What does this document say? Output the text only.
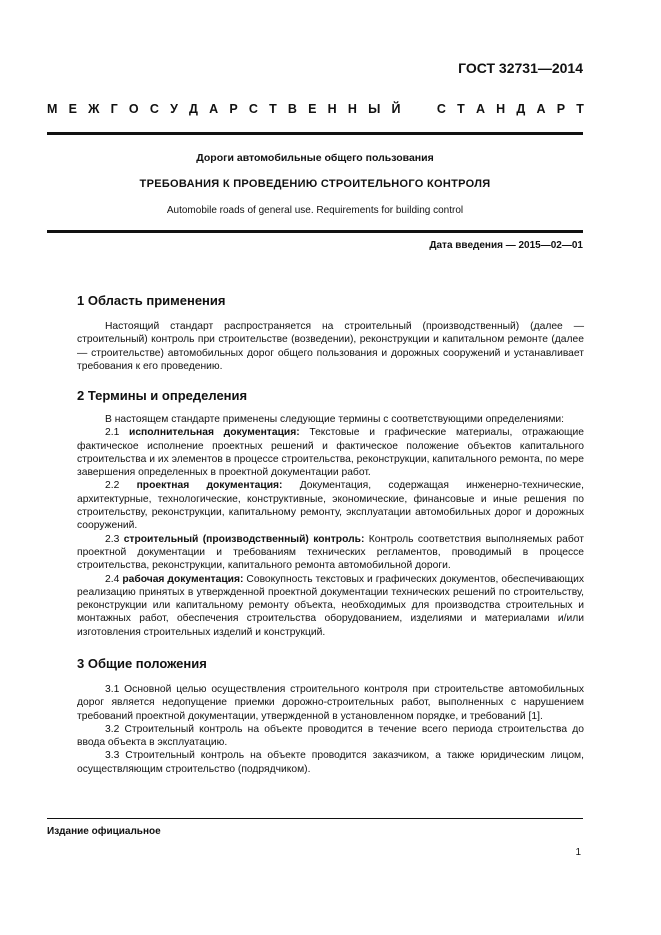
ГОСТ 32731—2014
М Е Ж Г О С У Д А Р С Т В Е Н Н Ы Й	С Т А Н Д А Р Т
Дороги автомобильные общего пользования
ТРЕБОВАНИЯ К ПРОВЕДЕНИЮ СТРОИТЕЛЬНОГО КОНТРОЛЯ
Automobile roads of general use. Requirements for building control
Дата введения — 2015—02—01
1 Область применения

Настоящий стандарт распространяется на строительный (производственный) (далее — строительный) контроль при строительстве (возведении), реконструкции и капитальном ремонте (далее — строительстве) автомобильных дорог общего пользования и дорожных сооружений и устанавливает требования к его проведению.

2 Термины и определения

В настоящем стандарте применены следующие термины с соответствующими определениями:

2.1 исполнительная документация: Текстовые и графические материалы, отражающие фактическое исполнение проектных решений и фактическое положение объектов капитального строительства и их элементов в процессе строительства, реконструкции, капитального ремонта, по мере завершения определенных в проектной документации работ.

2.2 проектная документация: Документация, содержащая инженерно-технические, архитектурные, технологические, конструктивные, экономические, финансовые и иные решения по строительству, реконструкции, капитальному ремонту, эксплуатации автомобильных дорог и дорожных сооружений.

2.3 строительный (производственный) контроль: Контроль соответствия выполняемых работ проектной документации и требованиям технических регламентов, проводимый в процессе строительства, реконструкции, капитального ремонта автомобильной дороги.

2.4 рабочая документация: Совокупность текстовых и графических документов, обеспечивающих реализацию принятых в утвержденной проектной документации технических решений по строительству, реконструкции или капитальному ремонту объекта, необходимых для производства строительных и монтажных работ, обеспечения строительства оборудованием, изделиями и материалами и/или изготовления строительных изделий и конструкций.

3 Общие положения

3.1 Основной целью осуществления строительного контроля при строительстве автомобильных дорог является недопущение приемки дорожно-строительных работ, выполненных с нарушением требований проектной документации, утвержденной в установленном порядке, и требований [1].

3.2 Строительный контроль на объекте проводится в течение всего периода строительства до ввода объекта в эксплуатацию.

3.3 Строительный контроль на объекте проводится заказчиком, а также юридическим лицом, осуществляющим строительство (подрядчиком).

Издание официальное
1
